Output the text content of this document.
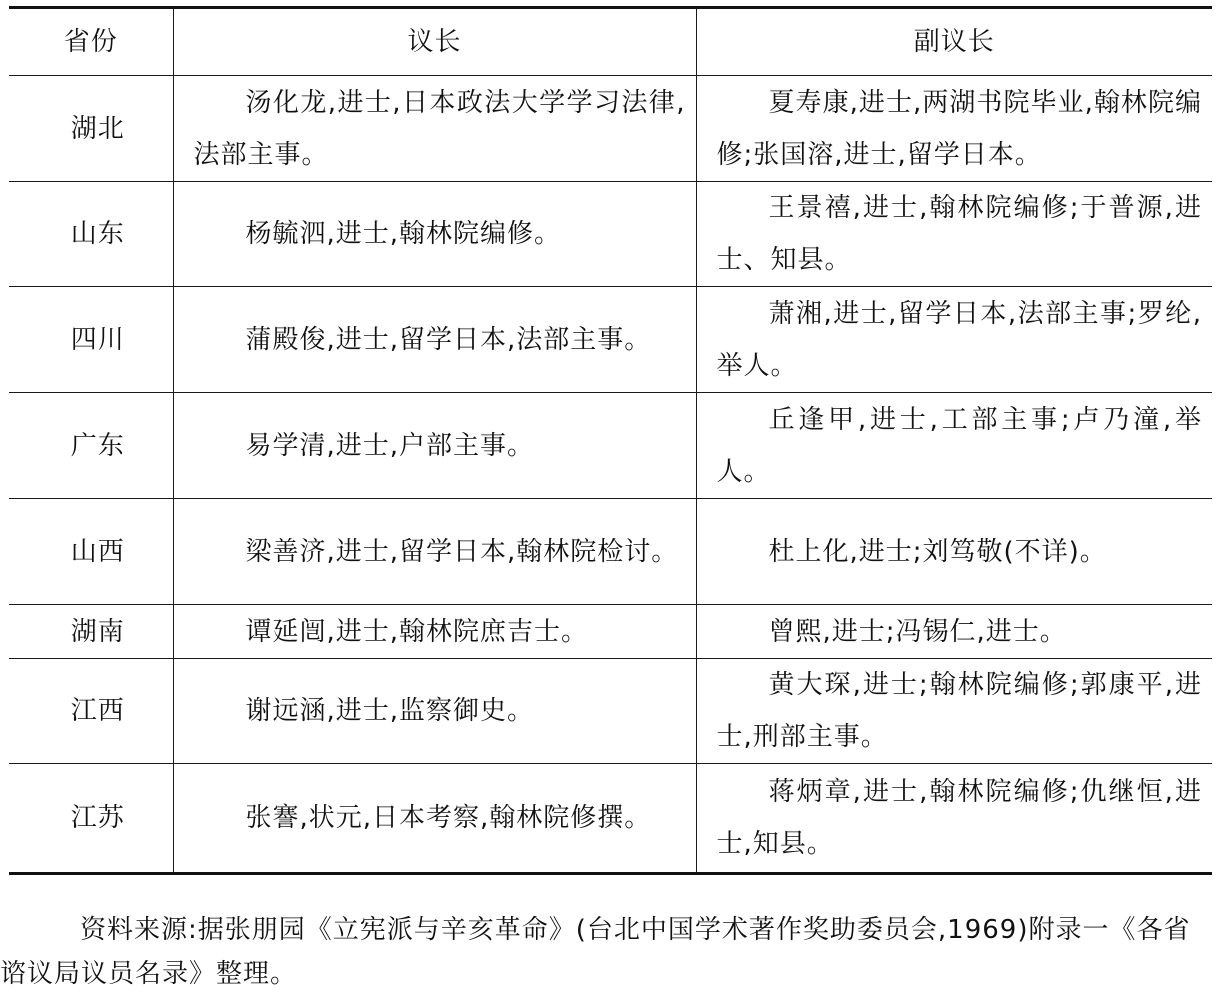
省份	议长	副议长
湖北	汤化龙,进士,日本政法大学学习法律,法部主事。	夏寿康,进士,两湖书院毕业,翰林院编修;张国溶,进士,留学日本。

山东	杨毓泗,进士,翰林院编修。	王景禧,进士,翰林院编修;于普源,进士、知县。

四川	蒲殿俊,进士,留学日本,法部主事。	萧湘,进士,留学日本,法部主事;罗纶,举人。

广东	易学清,进士,户部主事。	丘逢甲,进士,工部主事;卢乃潼,举人。

山西	梁善济,进士,留学日本,翰林院检讨。	杜上化,进士;刘笃敬(不详)。

湖南	谭延闿,进士,翰林院庶吉士。	曾熙,进士;冯锡仁,进士。

江西	谢远涵,进士,监察御史。	黄大琛,进士;翰林院编修;郭康平,进士,刑部主事。

江苏	张謇,状元,日本考察,翰林院修撰。	蒋炳章,进士,翰林院编修;仇继恒,进士,知县。
资料来源:据张朋园《立宪派与辛亥革命》(台北中国学术著作奖助委员会,1969)附录一《各省谘议局议员名录》整理。
